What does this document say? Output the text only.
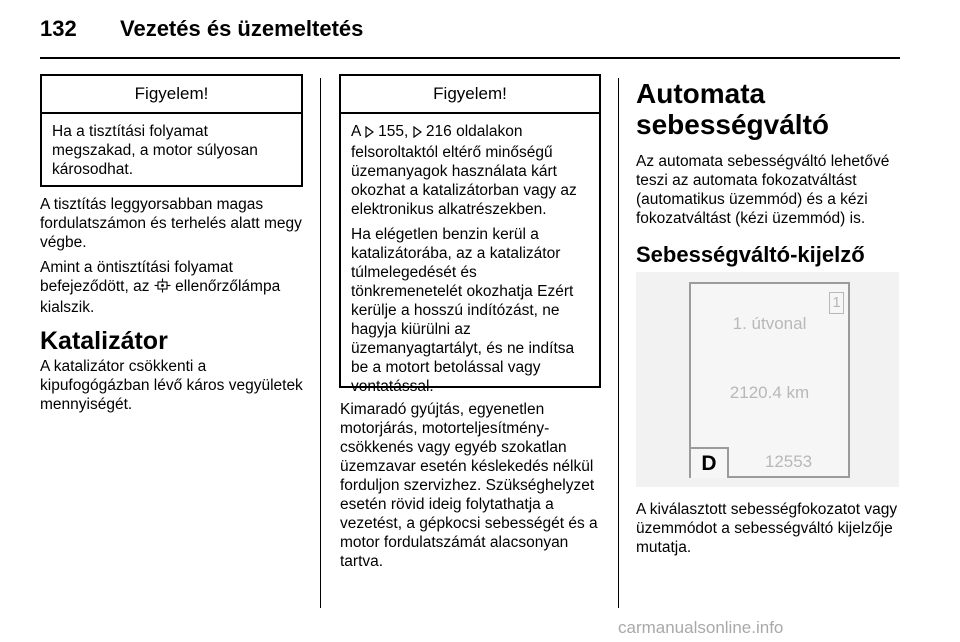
132 Vezetés és üzemeltetés
Figyelem!

Ha a tisztítási folyamat megszakad, a motor súlyosan károsodhat.

A tisztítás leggyorsabban magas fordulatszámon és terhelés alatt megy végbe.

Amint a öntisztítási folyamat befejeződött, az ellenőrzőlámpa kialszik.

Katalizátor

A katalizátor csökkenti a kipufogógázban lévő káros vegyületek mennyiségét.

Figyelem!

A 155, 216 oldalakon felsoroltaktól eltérő minőségű üzemanyagok használata kárt okozhat a katalizátorban vagy az elektronikus alkatrészekben.

Ha elégetlen benzin kerül a katalizátorába, az a katalizátor túlmelegedését és tönkremenetelét okozhatja Ezért kerülje a hosszú indítózást, ne hagyja kiürülni az üzemanyagtartályt, és ne indítsa be a motort betolással vagy vontatással.

Kimaradó gyújtás, egyenetlen motorjárás, motorteljesítmény-csökkenés vagy egyéb szokatlan üzemzavar esetén késlekedés nélkül forduljon szervizhez. Szükséghelyzet esetén rövid ideig folytathatja a vezetést, a gépkocsi sebességét és a motor fordulatszámát alacsonyan tartva.

Automata sebességváltó

Az automata sebességváltó lehetővé teszi az automata fokozatváltást (automatikus üzemmód) és a kézi fokozatváltást (kézi üzemmód) is.

Sebességváltó-kijelző
1
1. útvonal
2120.4 km
D	12553

A kiválasztott sebességfokozatot vagy üzemmódot a sebességváltó kijelzője mutatja.

carmanualsonline.info
